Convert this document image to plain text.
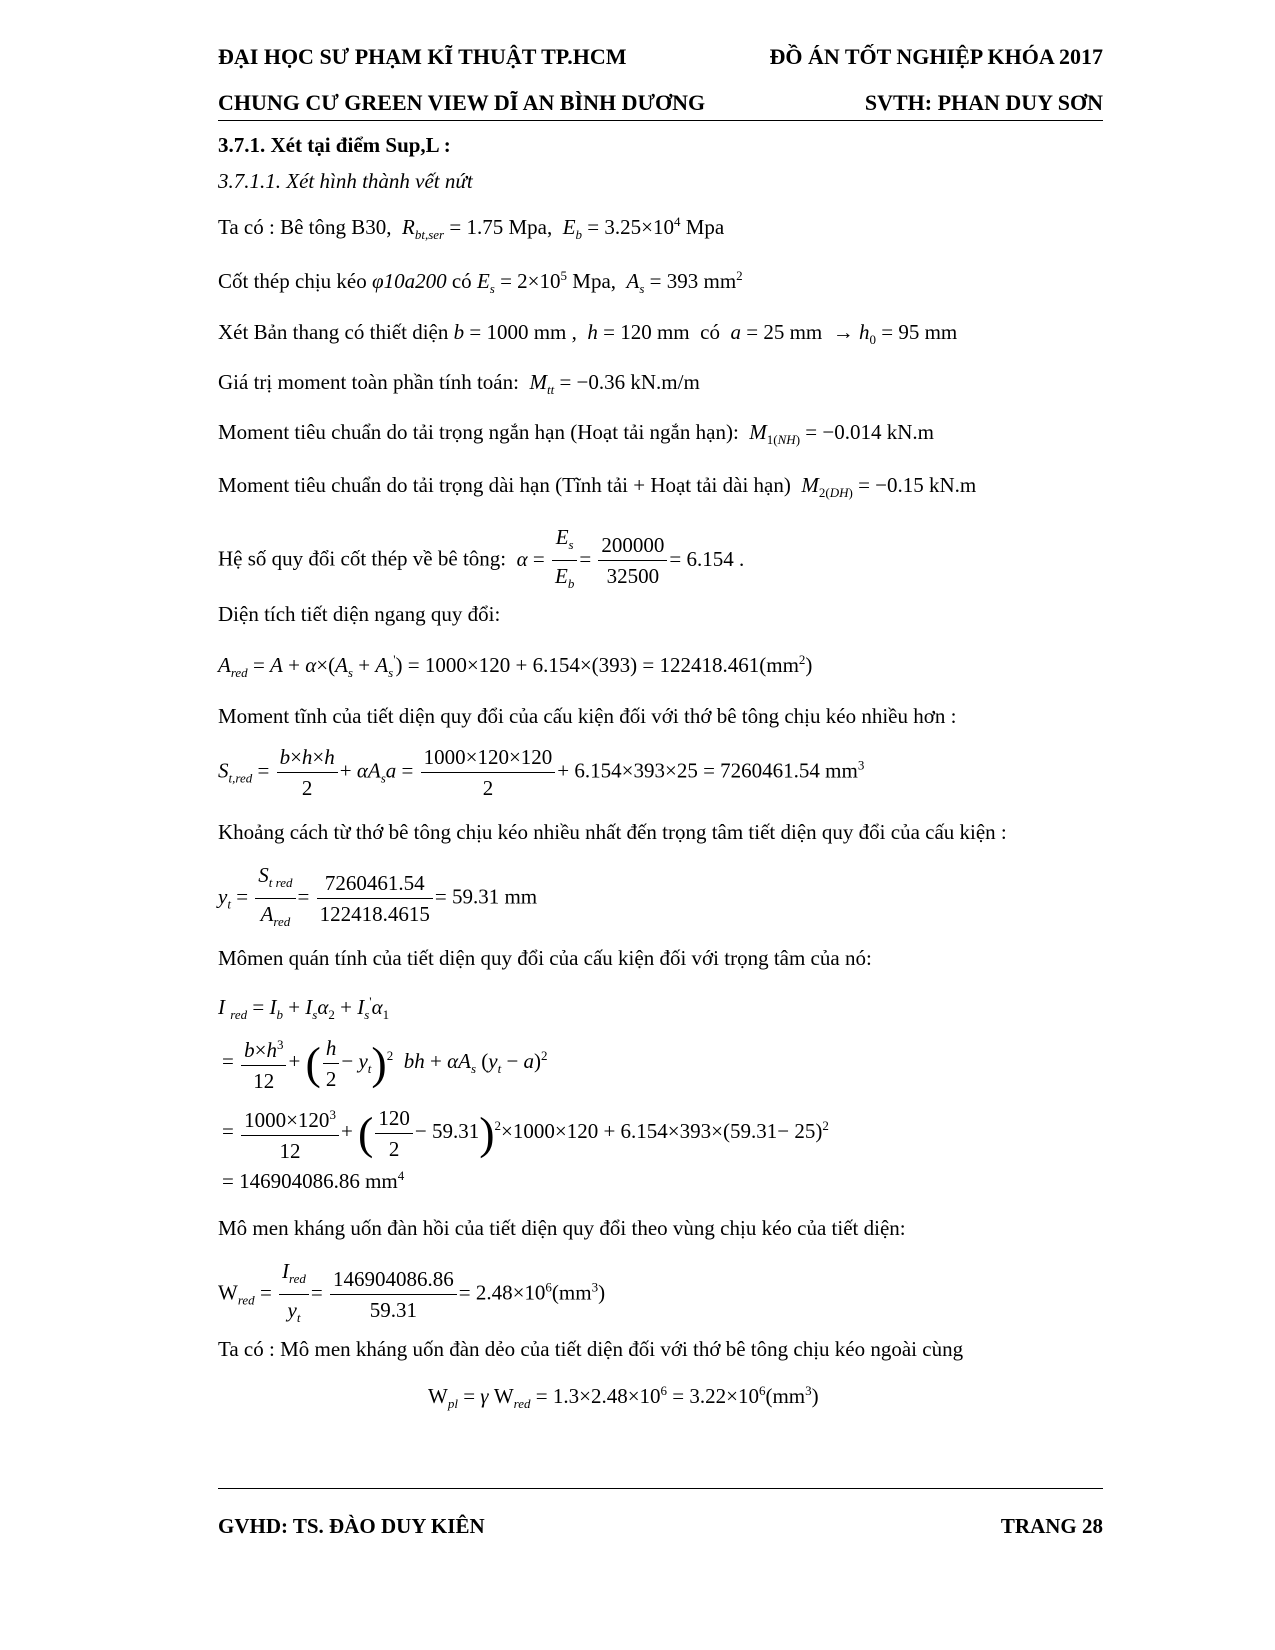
ĐẠI HỌC SƯ PHẠM KĨ THUẬT TP.HCM	ĐỒ ÁN TỐT NGHIỆP KHÓA 2017
CHUNG CƯ GREEN VIEW DĨ AN BÌNH DƯƠNG	SVTH: PHAN DUY SƠN
3.7.1. Xét tại điểm Sup,L :
3.7.1.1. Xét hình thành vết nứt
Ta có : Bê tông B30, $R_{bt,ser} = 1.75$ Mpa,  $E_b = 3.25\times 10^4$ Mpa
Cốt thép chịu kéo φ10a200 có $E_s = 2\times 10^5$ Mpa,  $A_s = 393$ $mm^2$
Xét Bản thang có thiết diện b = 1000 mm ,  h = 120 mm  có  a = 25 mm  → $h_0 = 95$ mm
Giá trị moment toàn phần tính toán: $M_{tt} = -0.36$ kN.m/m
Moment tiêu chuẩn do tải trọng ngắn hạn (Hoạt tải ngắn hạn): $M_{1(NH)} = -0.014$ kN.m
Moment tiêu chuẩn do tải trọng dài hạn (Tĩnh tải + Hoạt tải dài hạn) $M_{2(DH)} = -0.15$ kN.m
Hệ số quy đổi cốt thép về bê tông: $\alpha = \frac{E_s}{E_b} = \frac{200000}{32500} = 6.154$ .
Diện tích tiết diện ngang quy đổi:
$A_{red} = A + \alpha\times(A_s + A_s') = 1000\times 120 + 6.154\times(393) = 122418.461(mm^2)$
Moment tĩnh của tiết diện quy đổi của cấu kiện đối với thớ bê tông chịu kéo nhiều hơn :
$S_{t,red} = \frac{b\times h\times h}{2} + \alpha A_sa = \frac{1000\times 120\times 120}{2} + 6.154\times 393\times 25 = 7260461.54$ $mm^3$
Khoảng cách từ thớ bê tông chịu kéo nhiều nhất đến trọng tâm tiết diện quy đổi của cấu kiện :
$y_t = \frac{S_{t red}}{A_{red}} = \frac{7260461.54}{122418.4615} = 59.31$ mm
Mômen quán tính của tiết diện quy đổi của cấu kiện đối với trọng tâm của nó:
I $_{red} = I_b + I_s\alpha_2 + I_s'\alpha_1$
= $\frac{b\times h^3}{12}$ + ( $\frac{h}{2} - y_t)^2$ bh + $\alpha A_s$ $(y_t - a)^2$
= $\frac{1000\times 120^3}{12}$ + ( $\frac{120}{2} - 59.31)^2\times 1000\times 120 + 6.154\times 393\times(59.31- 25)^2$
= 146904086.86 $mm^4$
Mô men kháng uốn đàn hồi của tiết diện quy đổi theo vùng chịu kéo của tiết diện:
$W_{red} = \frac{I_{red}}{y_t} = \frac{146904086.86}{59.31} = 2.48\times 10^6(mm^3)$
Ta có : Mô men kháng uốn đàn dẻo của tiết diện đối với thớ bê tông chịu kéo ngoài cùng
$W_{pl} = \gamma$ $W_{red} = 1.3\times 2.48\times 10^6 = 3.22\times 10^6(mm^3)$
GVHD: TS. ĐÀO DUY KIÊN	TRANG 28
